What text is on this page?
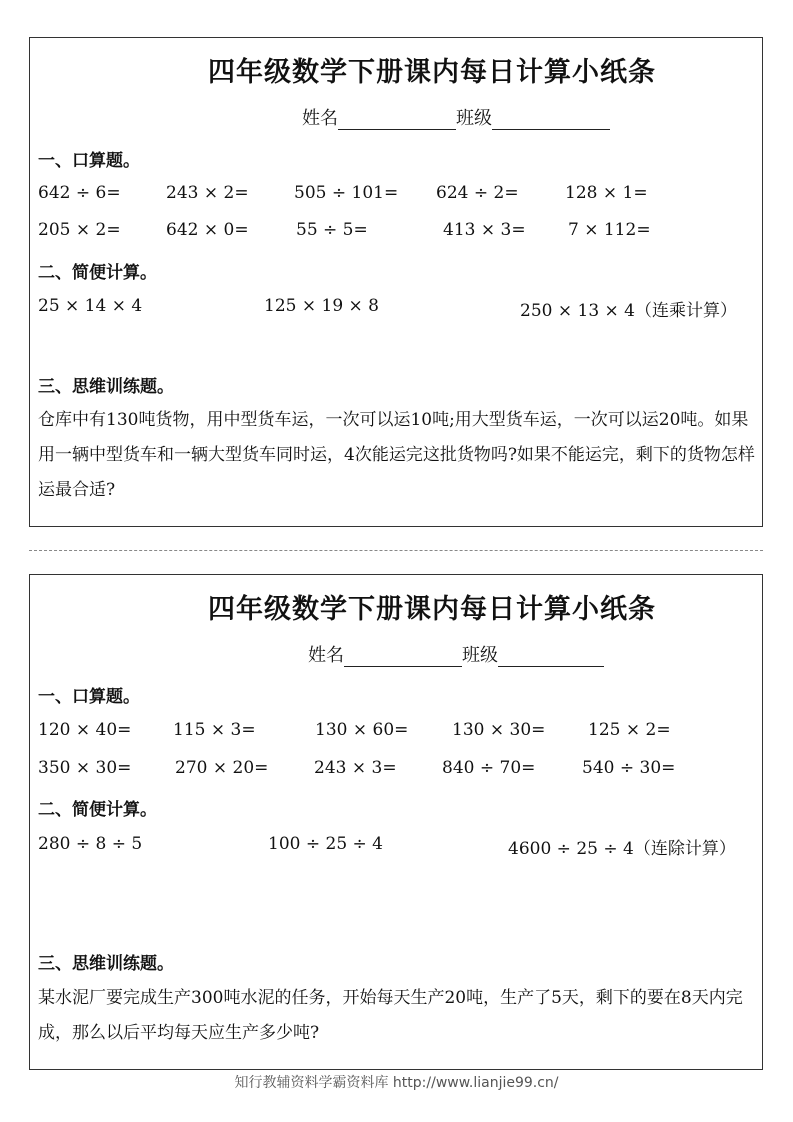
四年级数学下册课内每日计算小纸条
姓名	班级
一、口算题。
642 ÷ 6=	243 × 2=	505 ÷ 101= 624 ÷ 2=	128 × 1=
205 × 2=	642 × 0=	55 ÷ 5=	413 × 3= 7 × 112=
二、简便计算。
25 × 14 × 4	125 × 19 × 8	250 × 13 × 4（连乘计算）
三、思维训练题。
仓库中有130吨货物，用中型货车运，一次可以运10吨;用大型货车运，一次可以运20吨。如果用一辆中型货车和一辆大型货车同时运，4次能运完这批货物吗?如果不能运完，剩下的货物怎样运最合适?
四年级数学下册课内每日计算小纸条
姓名	班级
一、口算题。
120 × 40= 115 × 3=	130 × 60=	130 × 30=	125 × 2=
350 × 30=	270 × 20=	243 × 3=	840 ÷ 70=	540 ÷ 30=
二、简便计算。
280 ÷ 8 ÷ 5	100 ÷ 25 ÷ 4	4600 ÷ 25 ÷ 4（连除计算）
三、思维训练题。
某水泥厂要完成生产300吨水泥的任务，开始每天生产20吨，生产了5天，剩下的要在8天内完成，那么以后平均每天应生产多少吨?
知行教辅资料学霸资料库 http://www.lianjie99.cn/
